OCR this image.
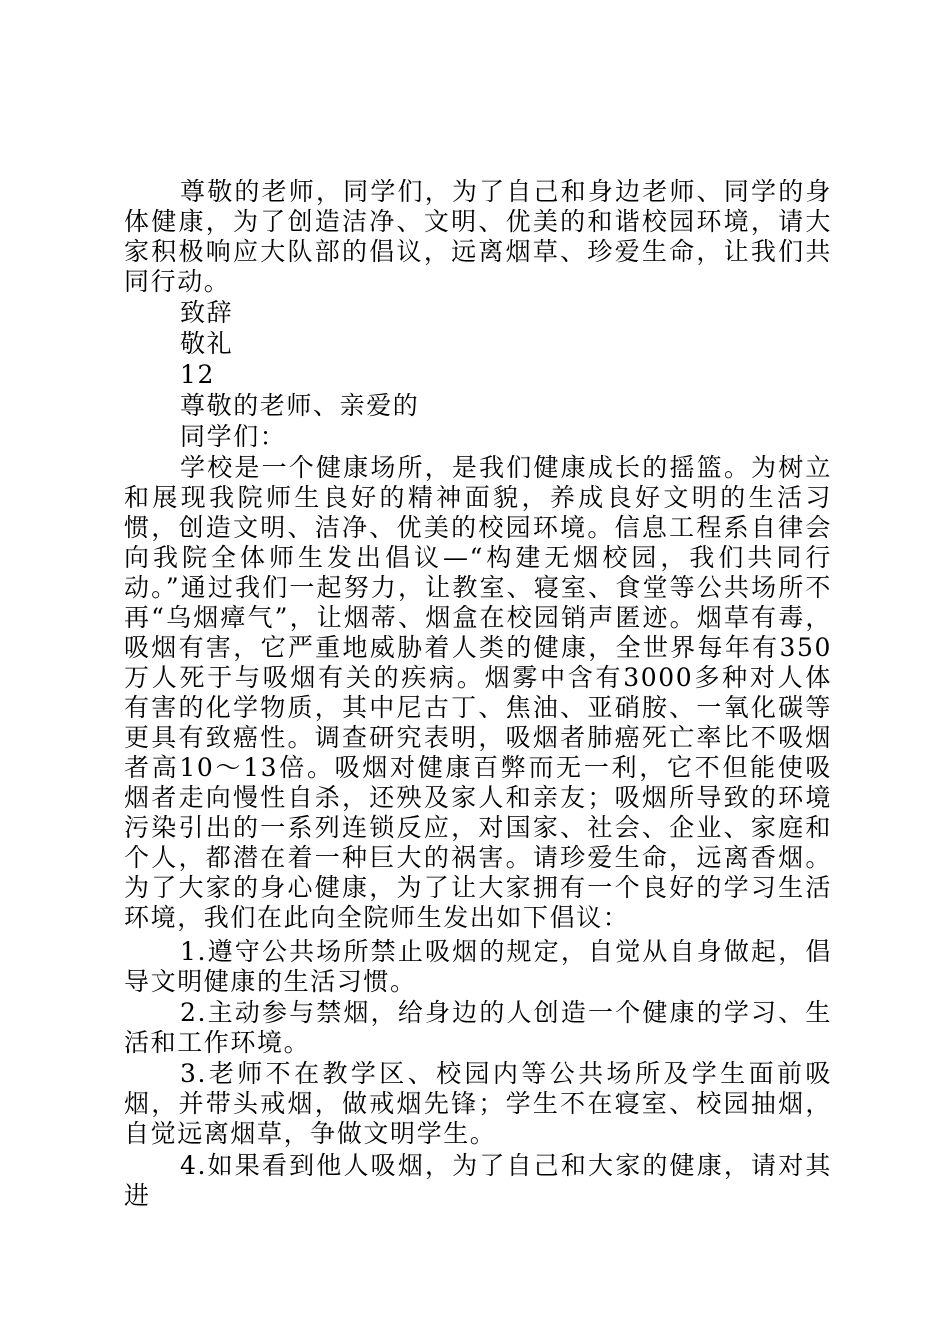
尊敬的老师，同学们，为了自己和身边老师、同学的身体健康，为了创造洁净、文明、优美的和谐校园环境，请大家积极响应大队部的倡议，远离烟草、珍爱生命，让我们共同行动。
致辞
敬礼
12
尊敬的老师、亲爱的
同学们：
学校是一个健康场所，是我们健康成长的摇篮。为树立和展现我院师生良好的精神面貌，养成良好文明的生活习惯，创造文明、洁净、优美的校园环境。信息工程系自律会向我院全体师生发出倡议—“构建无烟校园，我们共同行动。”通过我们一起努力，让教室、寝室、食堂等公共场所不再“乌烟瘴气”，让烟蒂、烟盒在校园销声匿迹。烟草有毒，吸烟有害，它严重地威胁着人类的健康，全世界每年有350万人死于与吸烟有关的疾病。烟雾中含有3000多种对人体有害的化学物质，其中尼古丁、焦油、亚硝胺、一氧化碳等更具有致癌性。调查研究表明，吸烟者肺癌死亡率比不吸烟者高10～13倍。吸烟对健康百弊而无一利，它不但能使吸烟者走向慢性自杀，还殃及家人和亲友；吸烟所导致的环境污染引出的一系列连锁反应，对国家、社会、企业、家庭和个人，都潜在着一种巨大的祸害。请珍爱生命，远离香烟。为了大家的身心健康，为了让大家拥有一个良好的学习生活环境，我们在此向全院师生发出如下倡议：
1.遵守公共场所禁止吸烟的规定，自觉从自身做起，倡导文明健康的生活习惯。
2.主动参与禁烟，给身边的人创造一个健康的学习、生活和工作环境。
3.老师不在教学区、校园内等公共场所及学生面前吸烟，并带头戒烟，做戒烟先锋；学生不在寝室、校园抽烟，自觉远离烟草，争做文明学生。
4.如果看到他人吸烟，为了自己和大家的健康，请对其进
